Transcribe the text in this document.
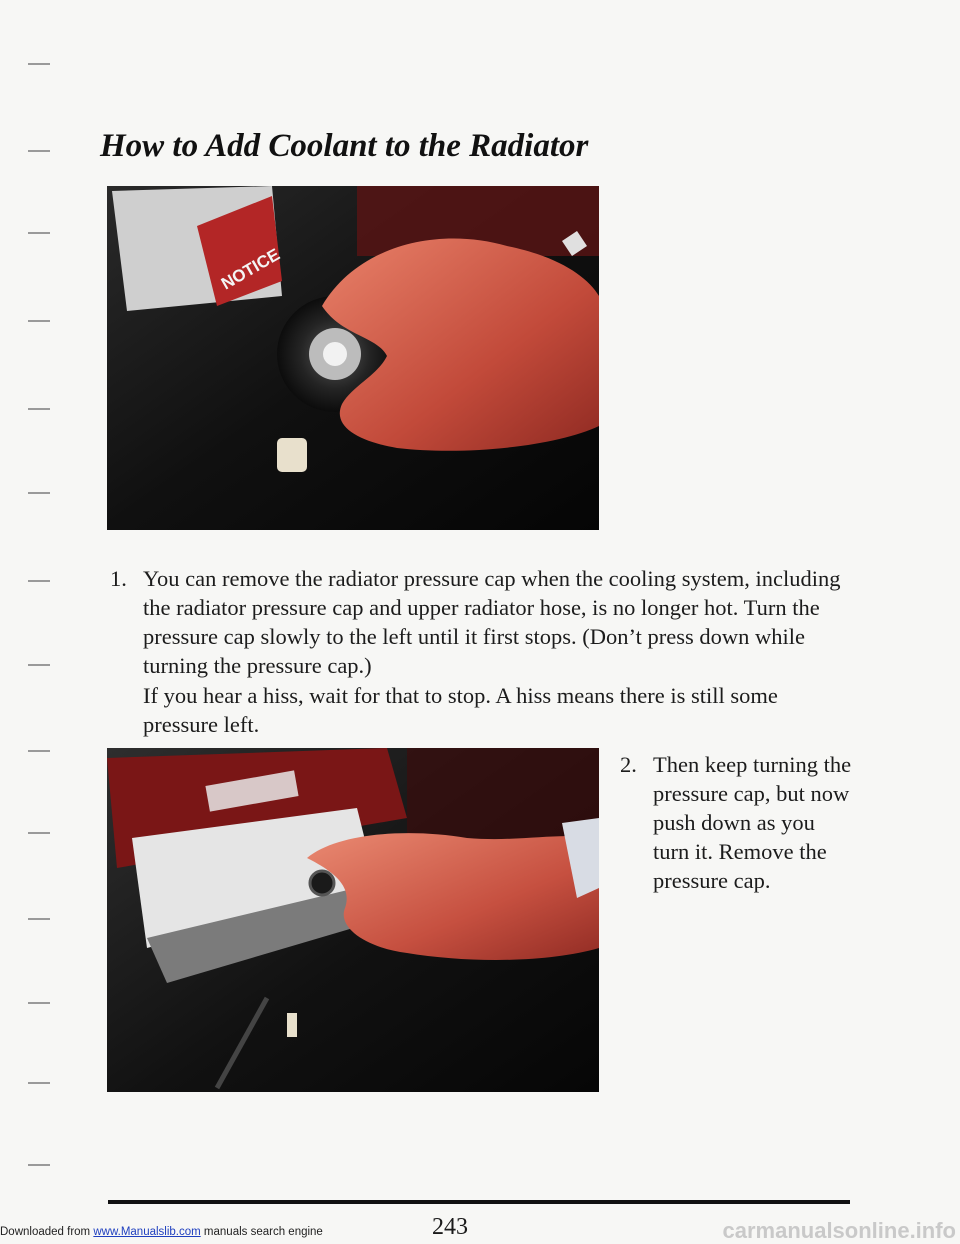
How to Add Coolant to the Radiator
NOTICE
1. You can remove the radiator pressure cap when the cooling system, including the radiator pressure cap and upper radiator hose, is no longer hot. Turn the pressure cap slowly to the left until it first stops. (Don’t press down while turning the pressure cap.)
If you hear a hiss, wait for that to stop. A hiss means there is still some pressure left.
2. Then keep turning the pressure cap, but now push down as you turn it. Remove the pressure cap.
243
Downloaded from www.Manualslib.com manuals search engine	carmanualsonline.info
